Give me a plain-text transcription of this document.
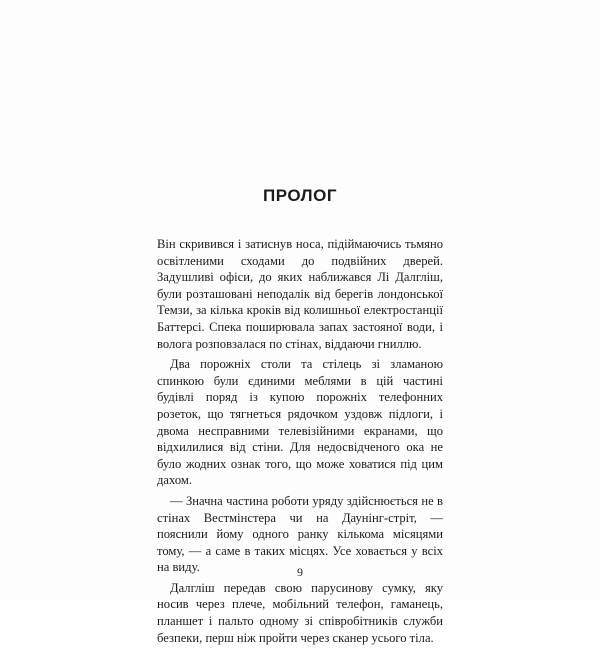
ПРОЛОГ

Він скривився і затиснув носа, підіймаючись тьмяно освітленими сходами до подвійних дверей. Задушливі офіси, до яких наближався Лі Далгліш, були розташовані неподалік від берегів лондонської Темзи, за кілька кроків від колишньої електростанції Баттерсі. Спека поширювала запах застояної води, і волога розповзалася по стінах, віддаючи гниллю.

Два порожніх столи та стілець зі зламаною спинкою були єдиними меблями в цій частині будівлі поряд із купою порожніх телефонних розеток, що тягнеться рядочком уздовж підлоги, і двома несправними телевізійними екранами, що відхилилися від стіни. Для недосвідченого ока не було жодних ознак того, що може ховатися під цим дахом.

— Значна частина роботи уряду здійснюється не в стінах Вестмінстера чи на Даунінг-стріт, — пояснили йому одного ранку кількома місяцями тому, — а саме в таких місцях. Усе ховається у всіх на виду.

Далгліш передав свою парусинову сумку, яку носив через плече, мобільний телефон, гаманець, планшет і пальто одному зі співробітників служби безпеки, перш ніж пройти через сканер усього тіла.

9
